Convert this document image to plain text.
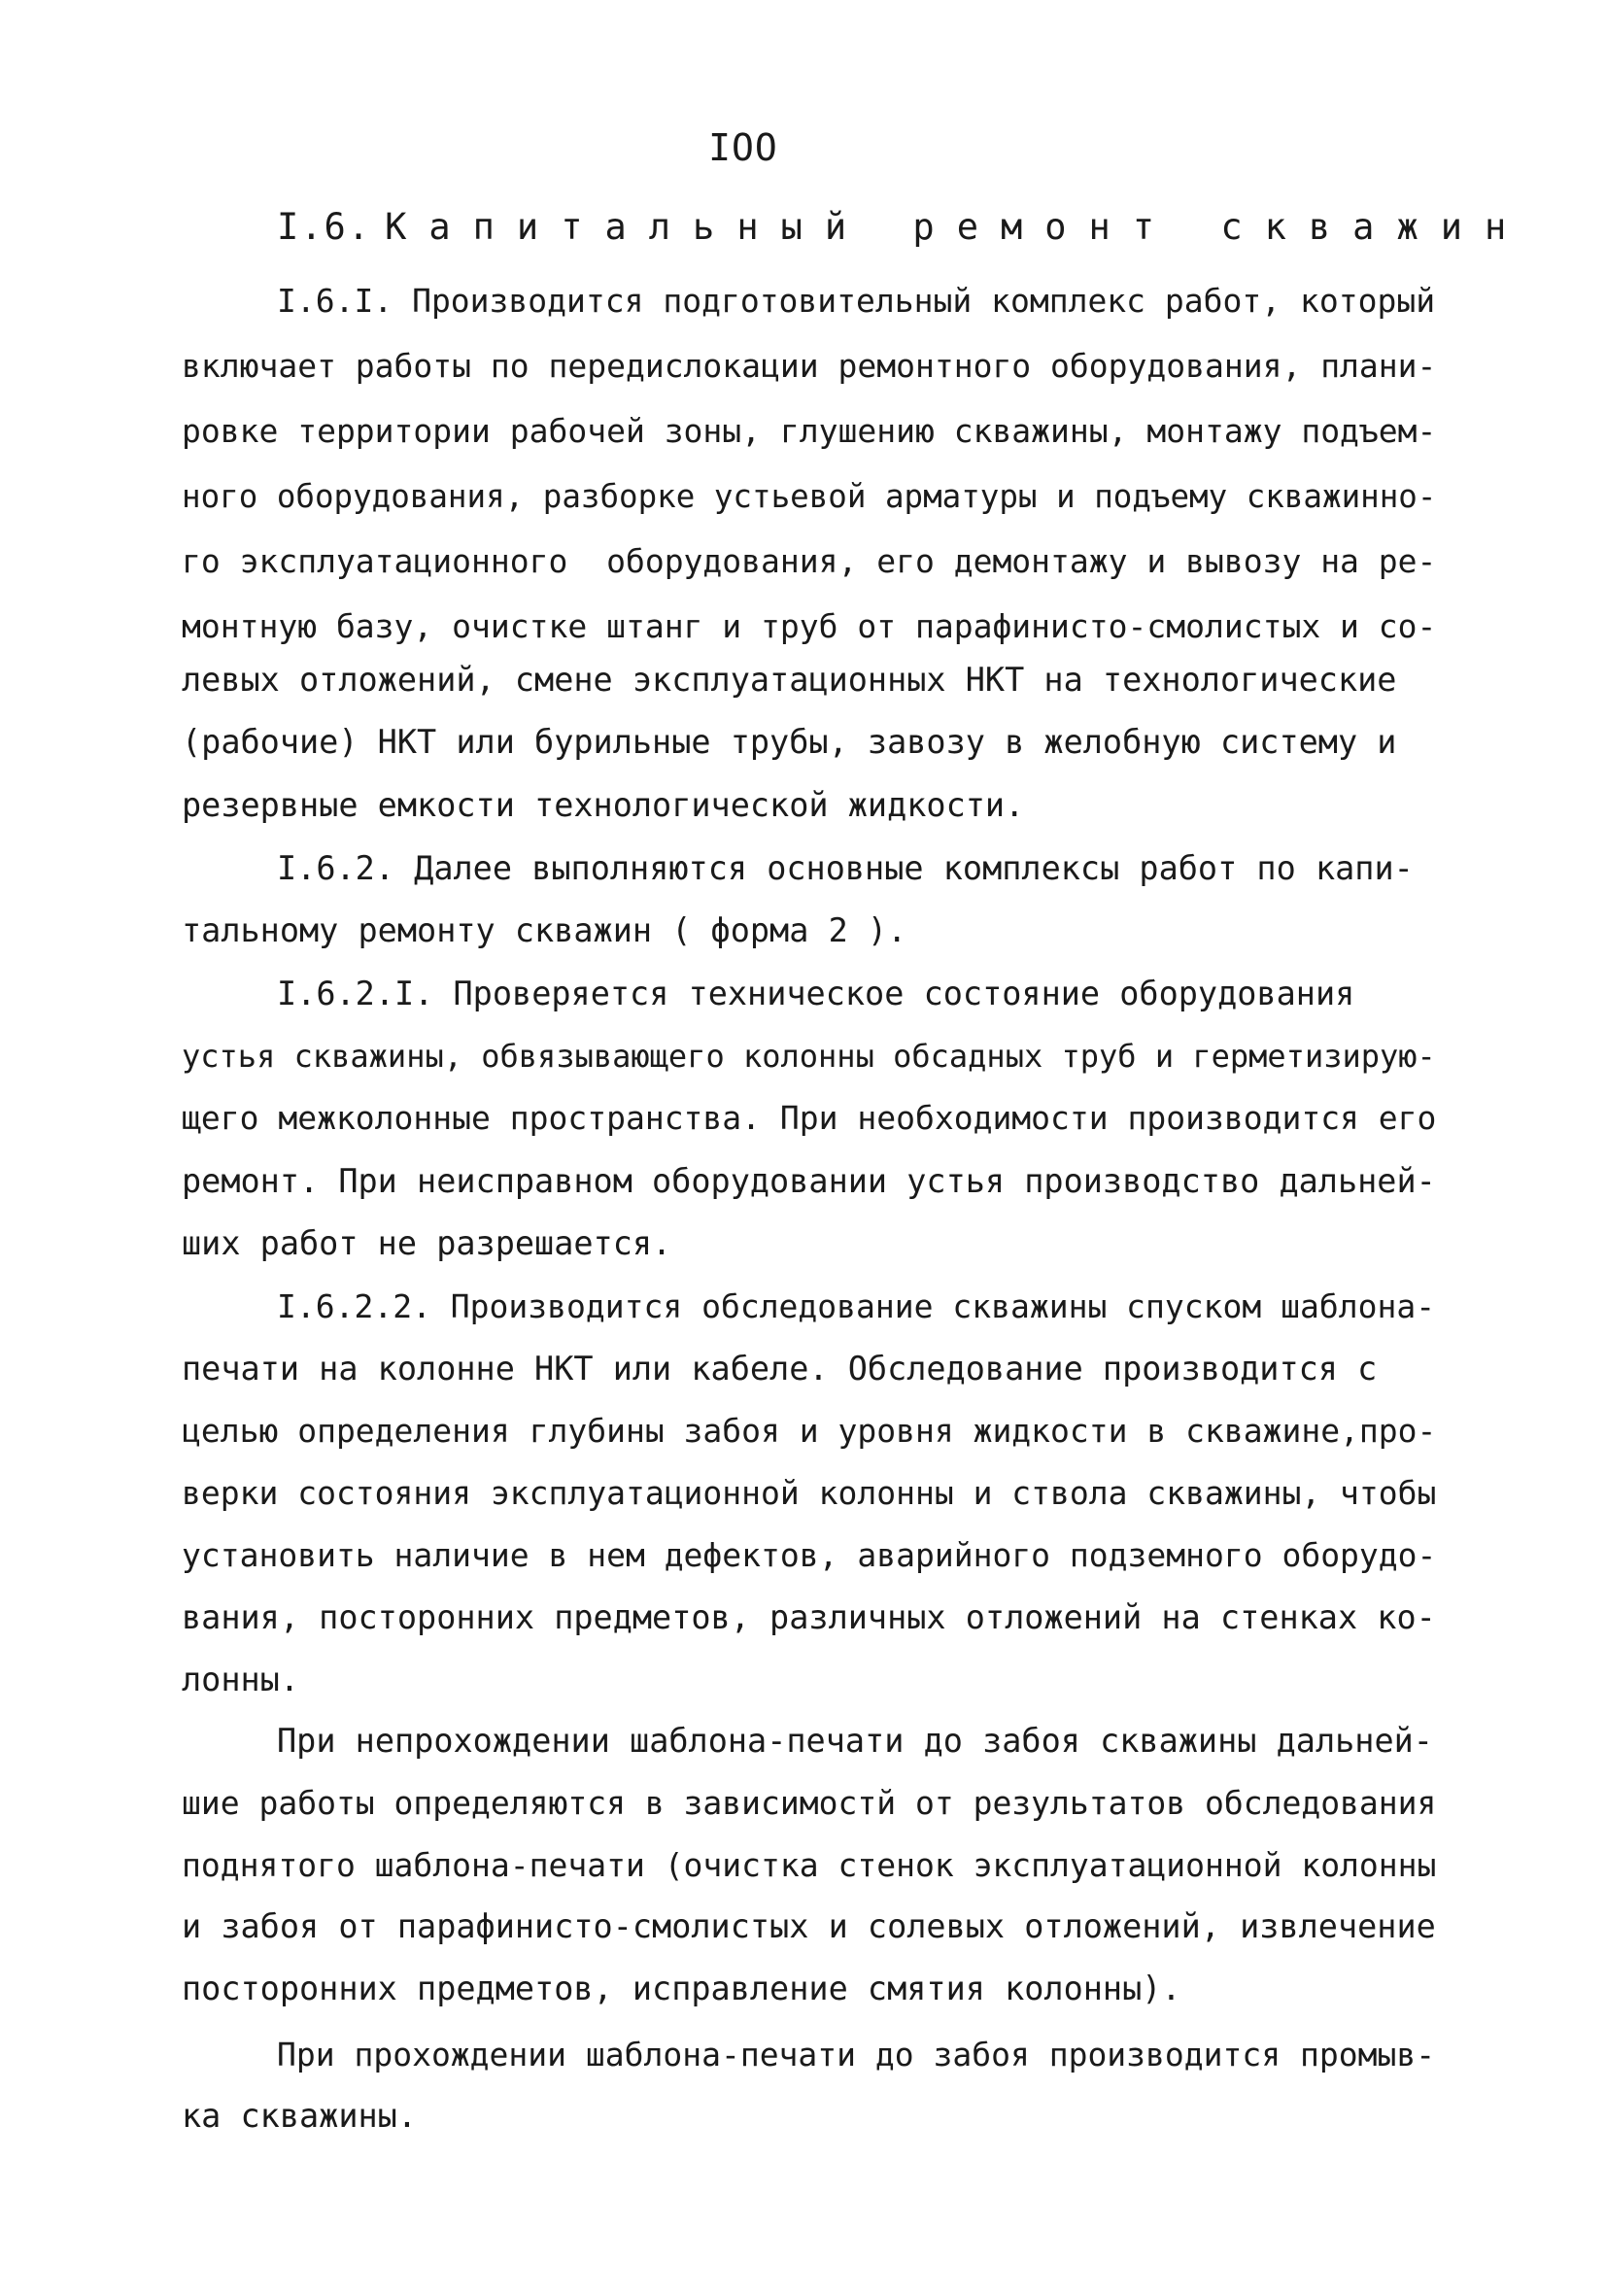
IOO
I.6. Капитальный ремонт скважин
I.6.I. Производится подготовительный комплекс работ, который
включает работы по передислокации ремонтного оборудования, плани-
ровке территории рабочей зоны, глушению скважины, монтажу подъем-
ного оборудования, разборке устьевой арматуры и подъему скважинно-
го эксплуатационного  оборудования, его демонтажу и вывозу на ре-
монтную базу, очистке штанг и труб от парафинисто-смолистых и со-
левых отложений, смене эксплуатационных НКТ на технологические
(рабочие) НКТ или бурильные трубы, завозу в желобную систему и
резервные емкости технологической жидкости.
I.6.2. Далее выполняются основные комплексы работ по капи-
тальному ремонту скважин ( форма 2 ).
I.6.2.I. Проверяется техническое состояние оборудования
устья скважины, обвязывающего колонны обсадных труб и герметизирую-
щего межколонные пространства. При необходимости производится его
ремонт. При неисправном оборудовании устья производство дальней-
ших работ не разрешается.
I.6.2.2. Производится обследование скважины спуском шаблона-
печати на колонне НКТ или кабеле. Обследование производится с
целью определения глубины забоя и уровня жидкости в скважине,про-
верки состояния эксплуатационной колонны и ствола скважины, чтобы
установить наличие в нем дефектов, аварийного подземного оборудо-
вания, посторонних предметов, различных отложений на стенках ко-
лонны.
При непрохождении шаблона-печати до забоя скважины дальней-
шие работы определяются в зависимостй от результатов обследования
поднятого шаблона-печати (очистка стенок эксплуатационной колонны
и забоя от парафинисто-смолистых и солевых отложений, извлечение
посторонних предметов, исправление смятия колонны).
При прохождении шаблона-печати до забоя производится промыв-
ка скважины.
